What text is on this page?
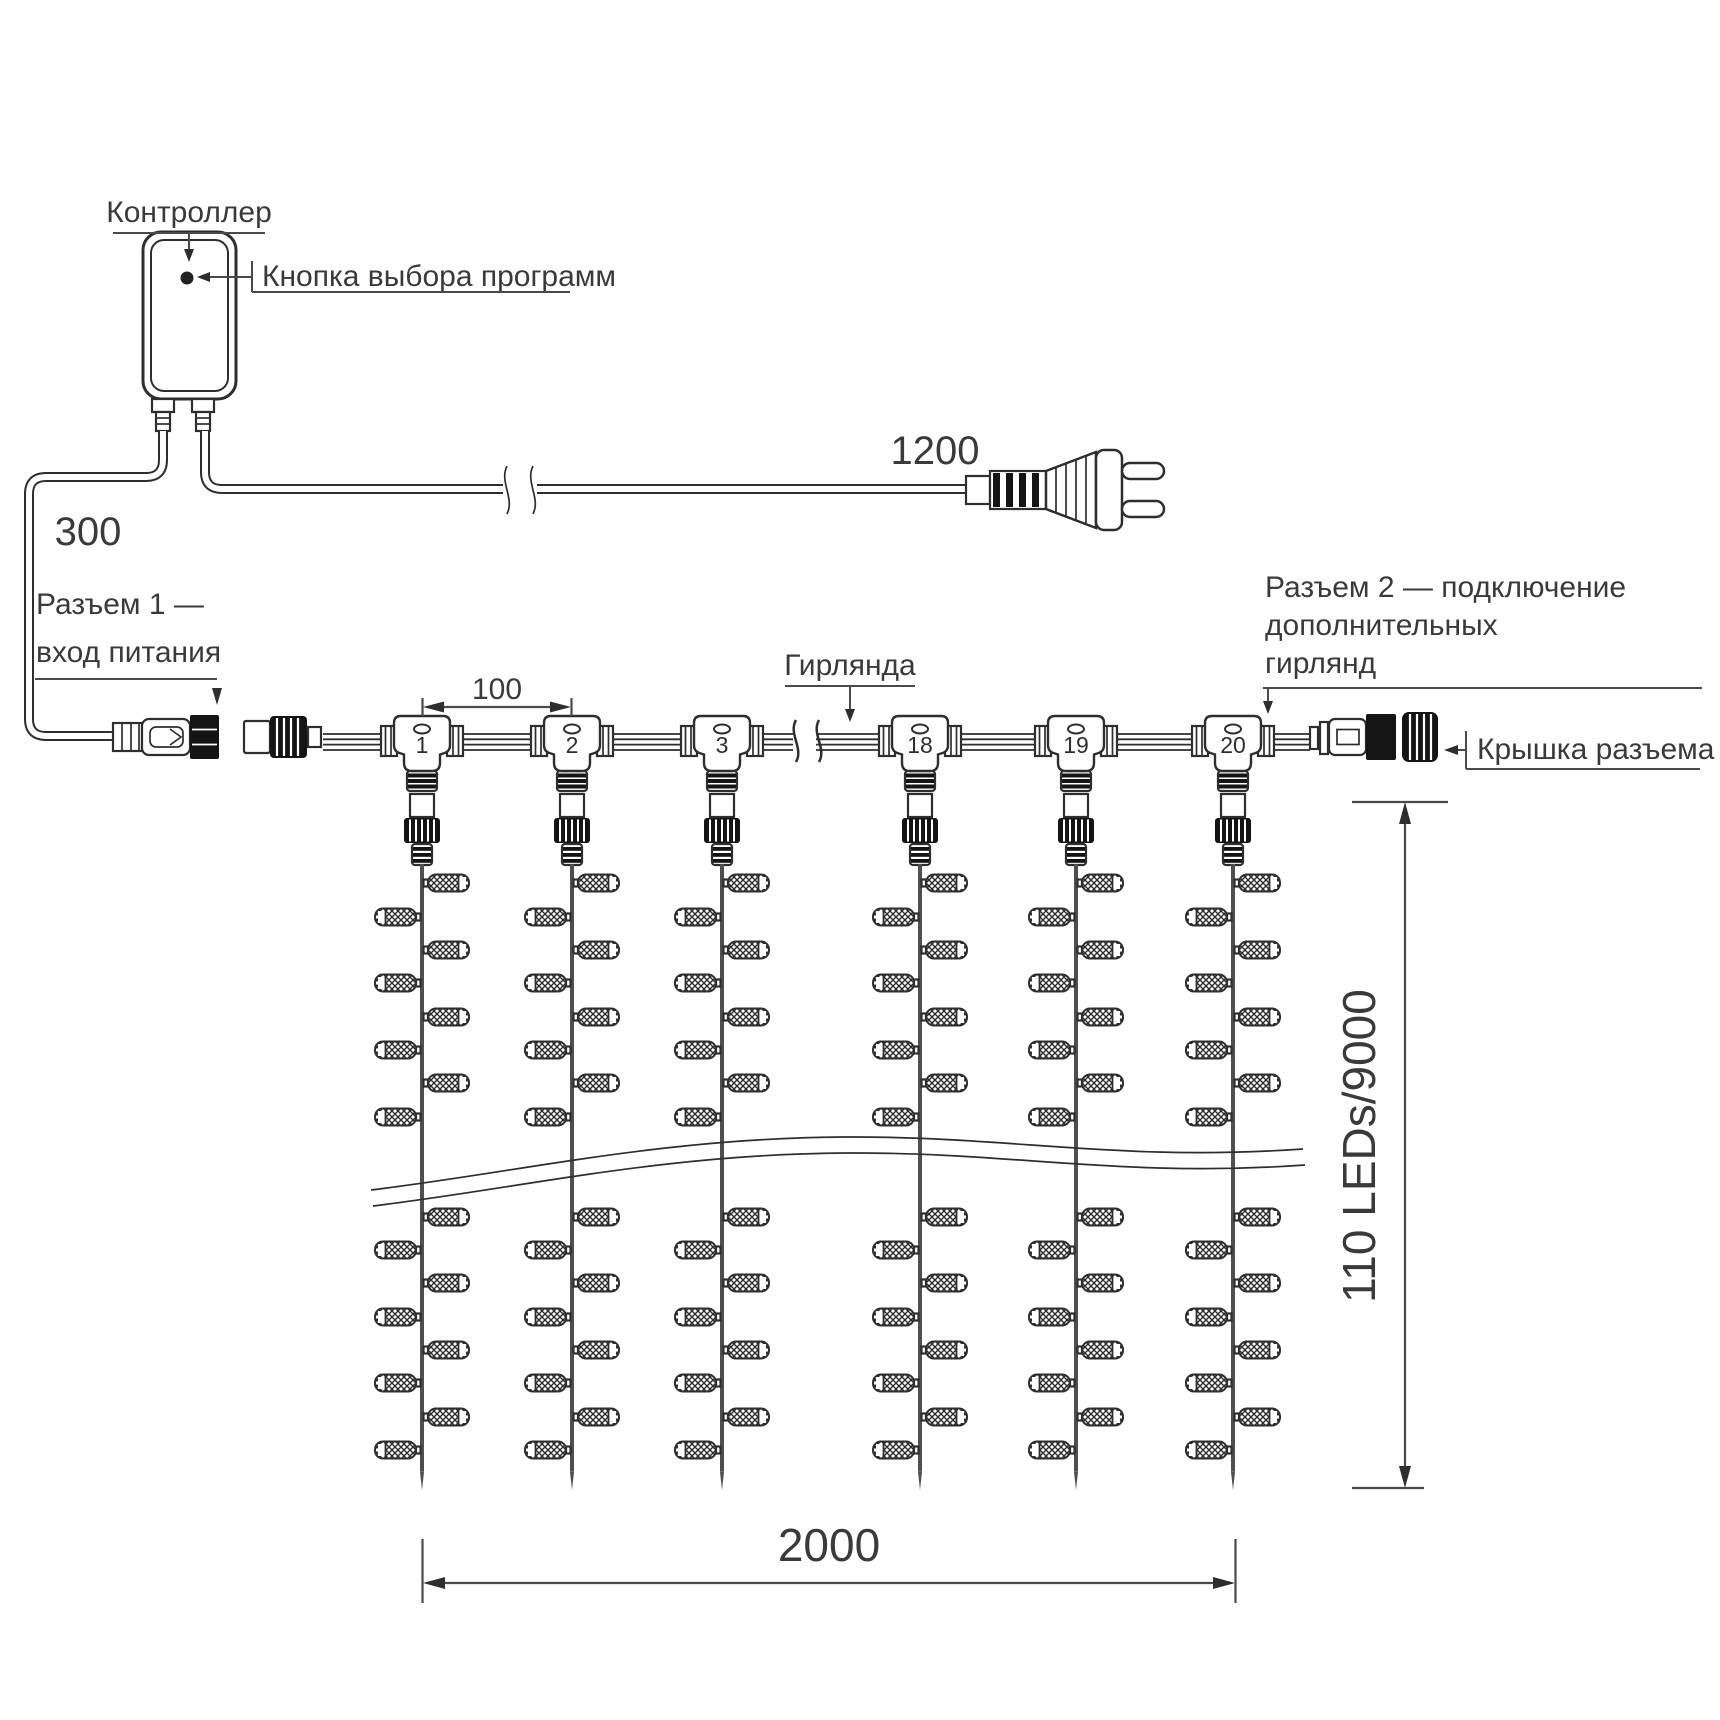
Контроллер
Кнопка выбора программ
300
1200
Разъем 1 —
вход питания
1	2	3	18	19	20
100
Гирлянда
Разъем 2 — подключение
дополнительных
гирлянд
Крышка разъема
110 LEDs/9000
2000
